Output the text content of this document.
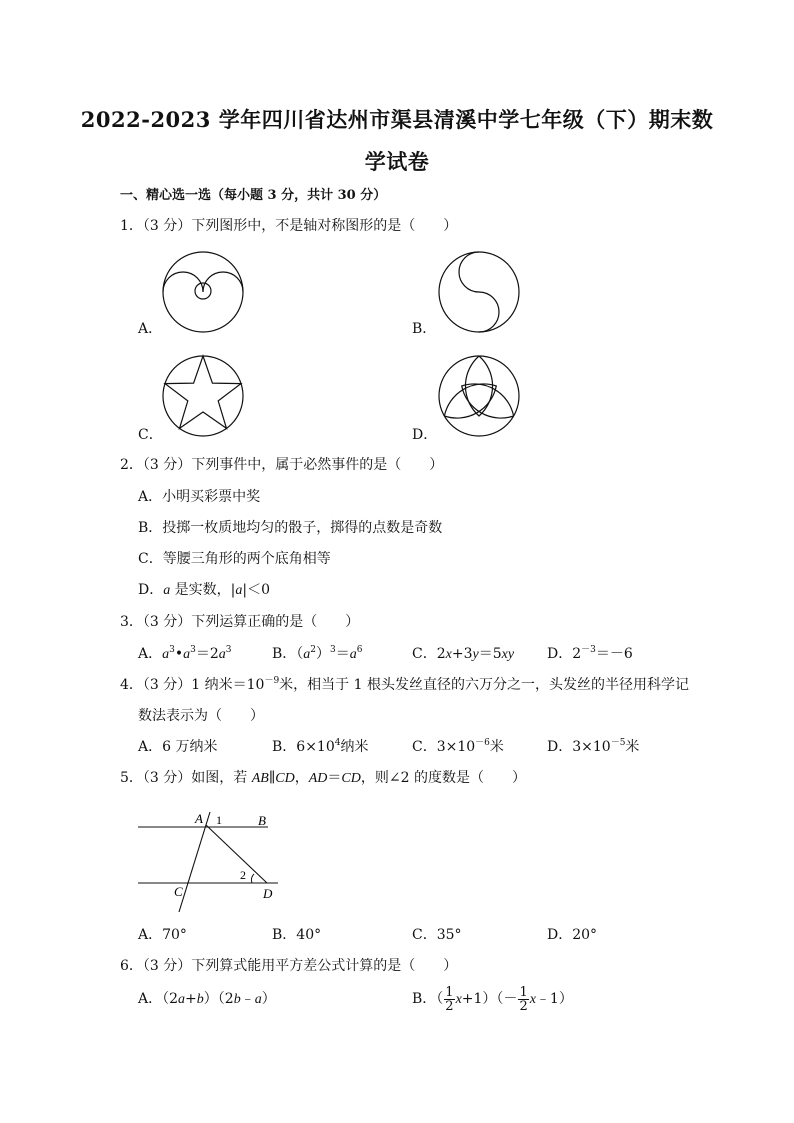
2022-2023 学年四川省达州市渠县清溪中学七年级（下）期末数
学试卷
一、精心选一选（每小题 3 分，共计 30 分）
1．（3 分）下列图形中，不是轴对称图形的是（　　）
A．	B．
C．	D．
2．（3 分）下列事件中，属于必然事件的是（　　）
A．小明买彩票中奖
B．投掷一枚质地均匀的骰子，掷得的点数是奇数
C．等腰三角形的两个底角相等
D．a 是实数，|a|＜0
3．（3 分）下列运算正确的是（　　）
A．$a^3•a^3=2a^3$	B．$(a^2)^3=a^6$	C．2x+3y＝5xy D．$2^{-3}=-6$
4．（3 分）1 纳米$=10^{-9}$米，相当于 1 根头发丝直径的六万分之一，头发丝的半径用科学记
数法表示为（　　）
A．6 万纳米	B．$6\times 10^4$纳米	C．$3\times 10^{-6}$米	D．$3\times 10^{-5}$米
5．（3 分）如图，若 AB∥CD，AD＝CD，则∠2 的度数是（　　）
A 1	B
C
2
D
A．70°	B．40°	C．35°	D．20°
6．（3 分）下列算式能用平方差公式计算的是（　　）
A．（2a+b）（2b﹣a）	B．（ $\frac{1}{2} x+1)(- \frac{1}{2}$ x﹣1）
